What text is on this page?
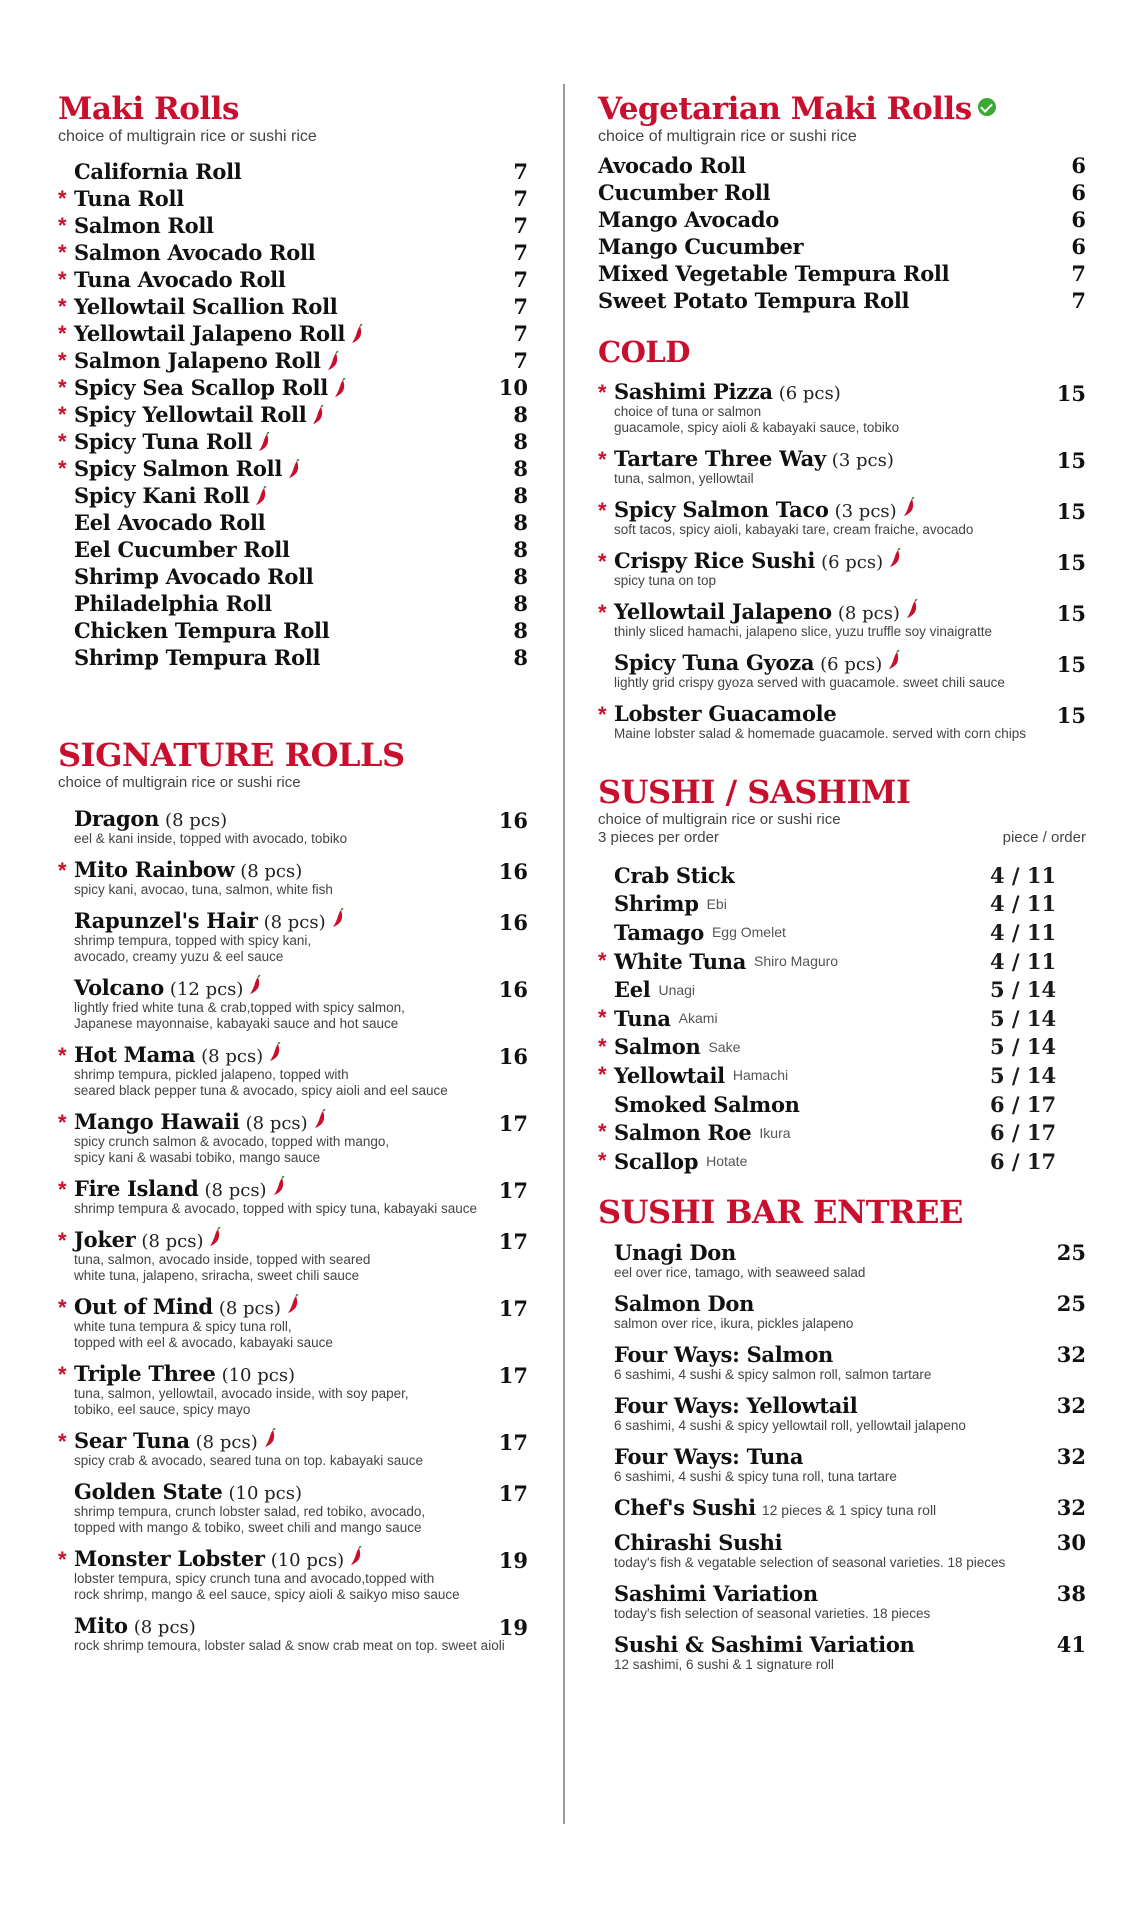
Maki Rolls
choice of multigrain rice or sushi rice
California Roll	7
* Tuna Roll	7
* Salmon Roll	7
* Salmon Avocado Roll	7
* Tuna Avocado Roll	7
* Yellowtail Scallion Roll	7
* Yellowtail Jalapeno Roll	7
* Salmon Jalapeno Roll	7
* Spicy Sea Scallop Roll	10
* Spicy Yellowtail Roll	8
* Spicy Tuna Roll	8
* Spicy Salmon Roll	8
Spicy Kani Roll	8
Eel Avocado Roll	8
Eel Cucumber Roll	8
Shrimp Avocado Roll	8
Philadelphia Roll	8
Chicken Tempura Roll	8
Shrimp Tempura Roll	8
SIGNATURE ROLLS
choice of multigrain rice or sushi rice
Dragon (8 pcs)
eel & kani inside, topped with avocado, tobiko
16
* Mito Rainbow (8 pcs)
spicy kani, avocao, tuna, salmon, white fish
16
Rapunzel's Hair (8 pcs)
shrimp tempura, topped with spicy kani,
avocado, creamy yuzu & eel sauce
16
Volcano (12 pcs)
lightly fried white tuna & crab,topped with spicy salmon,
Japanese mayonnaise, kabayaki sauce and hot sauce
16
* Hot Mama (8 pcs)
shrimp tempura, pickled jalapeno, topped with
seared black pepper tuna & avocado, spicy aioli and eel sauce
16
* Mango Hawaii (8 pcs)
spicy crunch salmon & avocado, topped with mango,
spicy kani & wasabi tobiko, mango sauce
17
* Fire Island (8 pcs)
shrimp tempura & avocado, topped with spicy tuna, kabayaki sauce
17
* Joker (8 pcs)
tuna, salmon, avocado inside, topped with seared
white tuna, jalapeno, sriracha, sweet chili sauce
17
* Out of Mind (8 pcs)
white tuna tempura & spicy tuna roll,
topped with eel & avocado, kabayaki sauce
17
* Triple Three (10 pcs)
tuna, salmon, yellowtail, avocado inside, with soy paper,
tobiko, eel sauce, spicy mayo
17
* Sear Tuna (8 pcs)
spicy crab & avocado, seared tuna on top. kabayaki sauce
17
Golden State (10 pcs)
shrimp tempura, crunch lobster salad, red tobiko, avocado,
topped with mango & tobiko, sweet chili and mango sauce
17
* Monster Lobster (10 pcs)
lobster tempura, spicy crunch tuna and avocado,topped with
rock shrimp, mango & eel sauce, spicy aioli & saikyo miso sauce
19
Mito (8 pcs)
rock shrimp temoura, lobster salad & snow crab meat on top. sweet aioli
19
Vegetarian Maki Rolls
choice of multigrain rice or sushi rice
Avocado Roll	6
Cucumber Roll	6
Mango Avocado	6
Mango Cucumber	6
Mixed Vegetable Tempura Roll	7
Sweet Potato Tempura Roll	7
COLD
* Sashimi Pizza (6 pcs)
choice of tuna or salmon
guacamole, spicy aioli & kabayaki sauce, tobiko
15
* Tartare Three Way (3 pcs)
tuna, salmon, yellowtail
15
* Spicy Salmon Taco (3 pcs)
soft tacos, spicy aioli, kabayaki tare, cream fraiche, avocado
15
* Crispy Rice Sushi (6 pcs)
spicy tuna on top
15
* Yellowtail Jalapeno (8 pcs)
thinly sliced hamachi, jalapeno slice, yuzu truffle soy vinaigratte
15
Spicy Tuna Gyoza (6 pcs)
lightly grid crispy gyoza served with guacamole. sweet chili sauce
15
* Lobster Guacamole
Maine lobster salad & homemade guacamole. served with corn chips
15
SUSHI / SASHIMI
choice of multigrain rice or sushi rice
3 pieces per order	piece / order
Crab Stick	4 / 11
Shrimp Ebi	4 / 11
Tamago Egg Omelet	4 / 11
* White Tuna Shiro Maguro	4 / 11
Eel Unagi	5 / 14
* Tuna Akami	5 / 14
* Salmon Sake	5 / 14
* Yellowtail Hamachi	5 / 14
Smoked Salmon	6 / 17
* Salmon Roe Ikura	6 / 17
* Scallop Hotate	6 / 17
SUSHI BAR ENTREE
Unagi Don
eel over rice, tamago, with seaweed salad
25
Salmon Don
salmon over rice, ikura, pickles jalapeno
25
Four Ways: Salmon
6 sashimi, 4 sushi & spicy salmon roll, salmon tartare
32
Four Ways: Yellowtail
6 sashimi, 4 sushi & spicy yellowtail roll, yellowtail jalapeno
32
Four Ways: Tuna
6 sashimi, 4 sushi & spicy tuna roll, tuna tartare
32
Chef's Sushi 12 pieces & 1 spicy tuna roll	32
Chirashi Sushi
today's fish & vegatable selection of seasonal varieties. 18 pieces
30
Sashimi Variation
today's fish selection of seasonal varieties. 18 pieces
38
Sushi & Sashimi Variation
12 sashimi, 6 sushi & 1 signature roll
41
